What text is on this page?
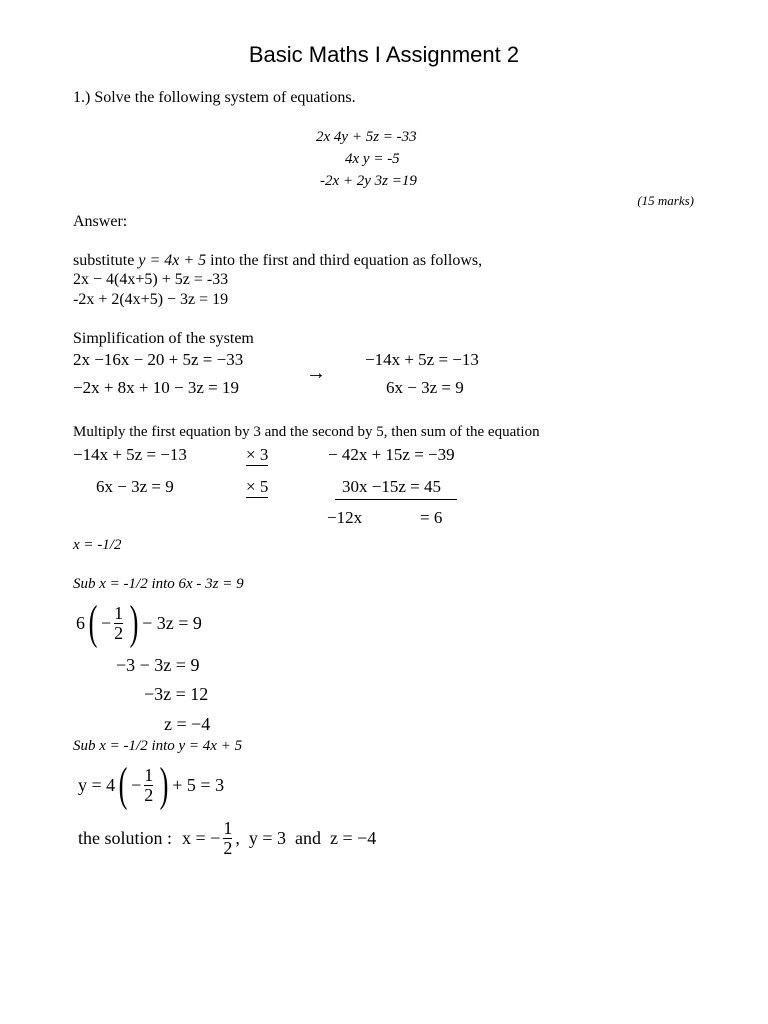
Basic Maths I Assignment 2
1.) Solve the following system of equations.
2x 4y + 5z = -33
4x y = -5
-2x + 2y 3z =19
(15 marks)
Answer:
substitute y = 4x + 5 into the first and third equation as follows,
2x − 4(4x+5) + 5z = -33
-2x + 2(4x+5) − 3z = 19
Simplification of the system
2x −16x − 20 + 5z = −33
−2x + 8x + 10 − 3z = 19
→
−14x + 5z = −13
6x − 3z = 9
Multiply the first equation by 3 and the second by 5, then sum of the equation
−14x + 5z = −13
6x − 3z = 9
× 3
× 5
− 42x + 15z = −39
30x −15z = 45
−12x	= 6
x = -1/2
Sub x = -1/2 into 6x - 3z = 9
6 ( − $\frac{1}{2}$ ) − 3z = 9
−3 − 3z = 9
−3z = 12
z = −4
Sub x = -1/2 into y = 4x + 5
y = 4 ( − $\frac{1}{2}$ ) + 5 = 3
the solution : x = − $\frac{1}{2}$ ,  y = 3  and  z = −4
